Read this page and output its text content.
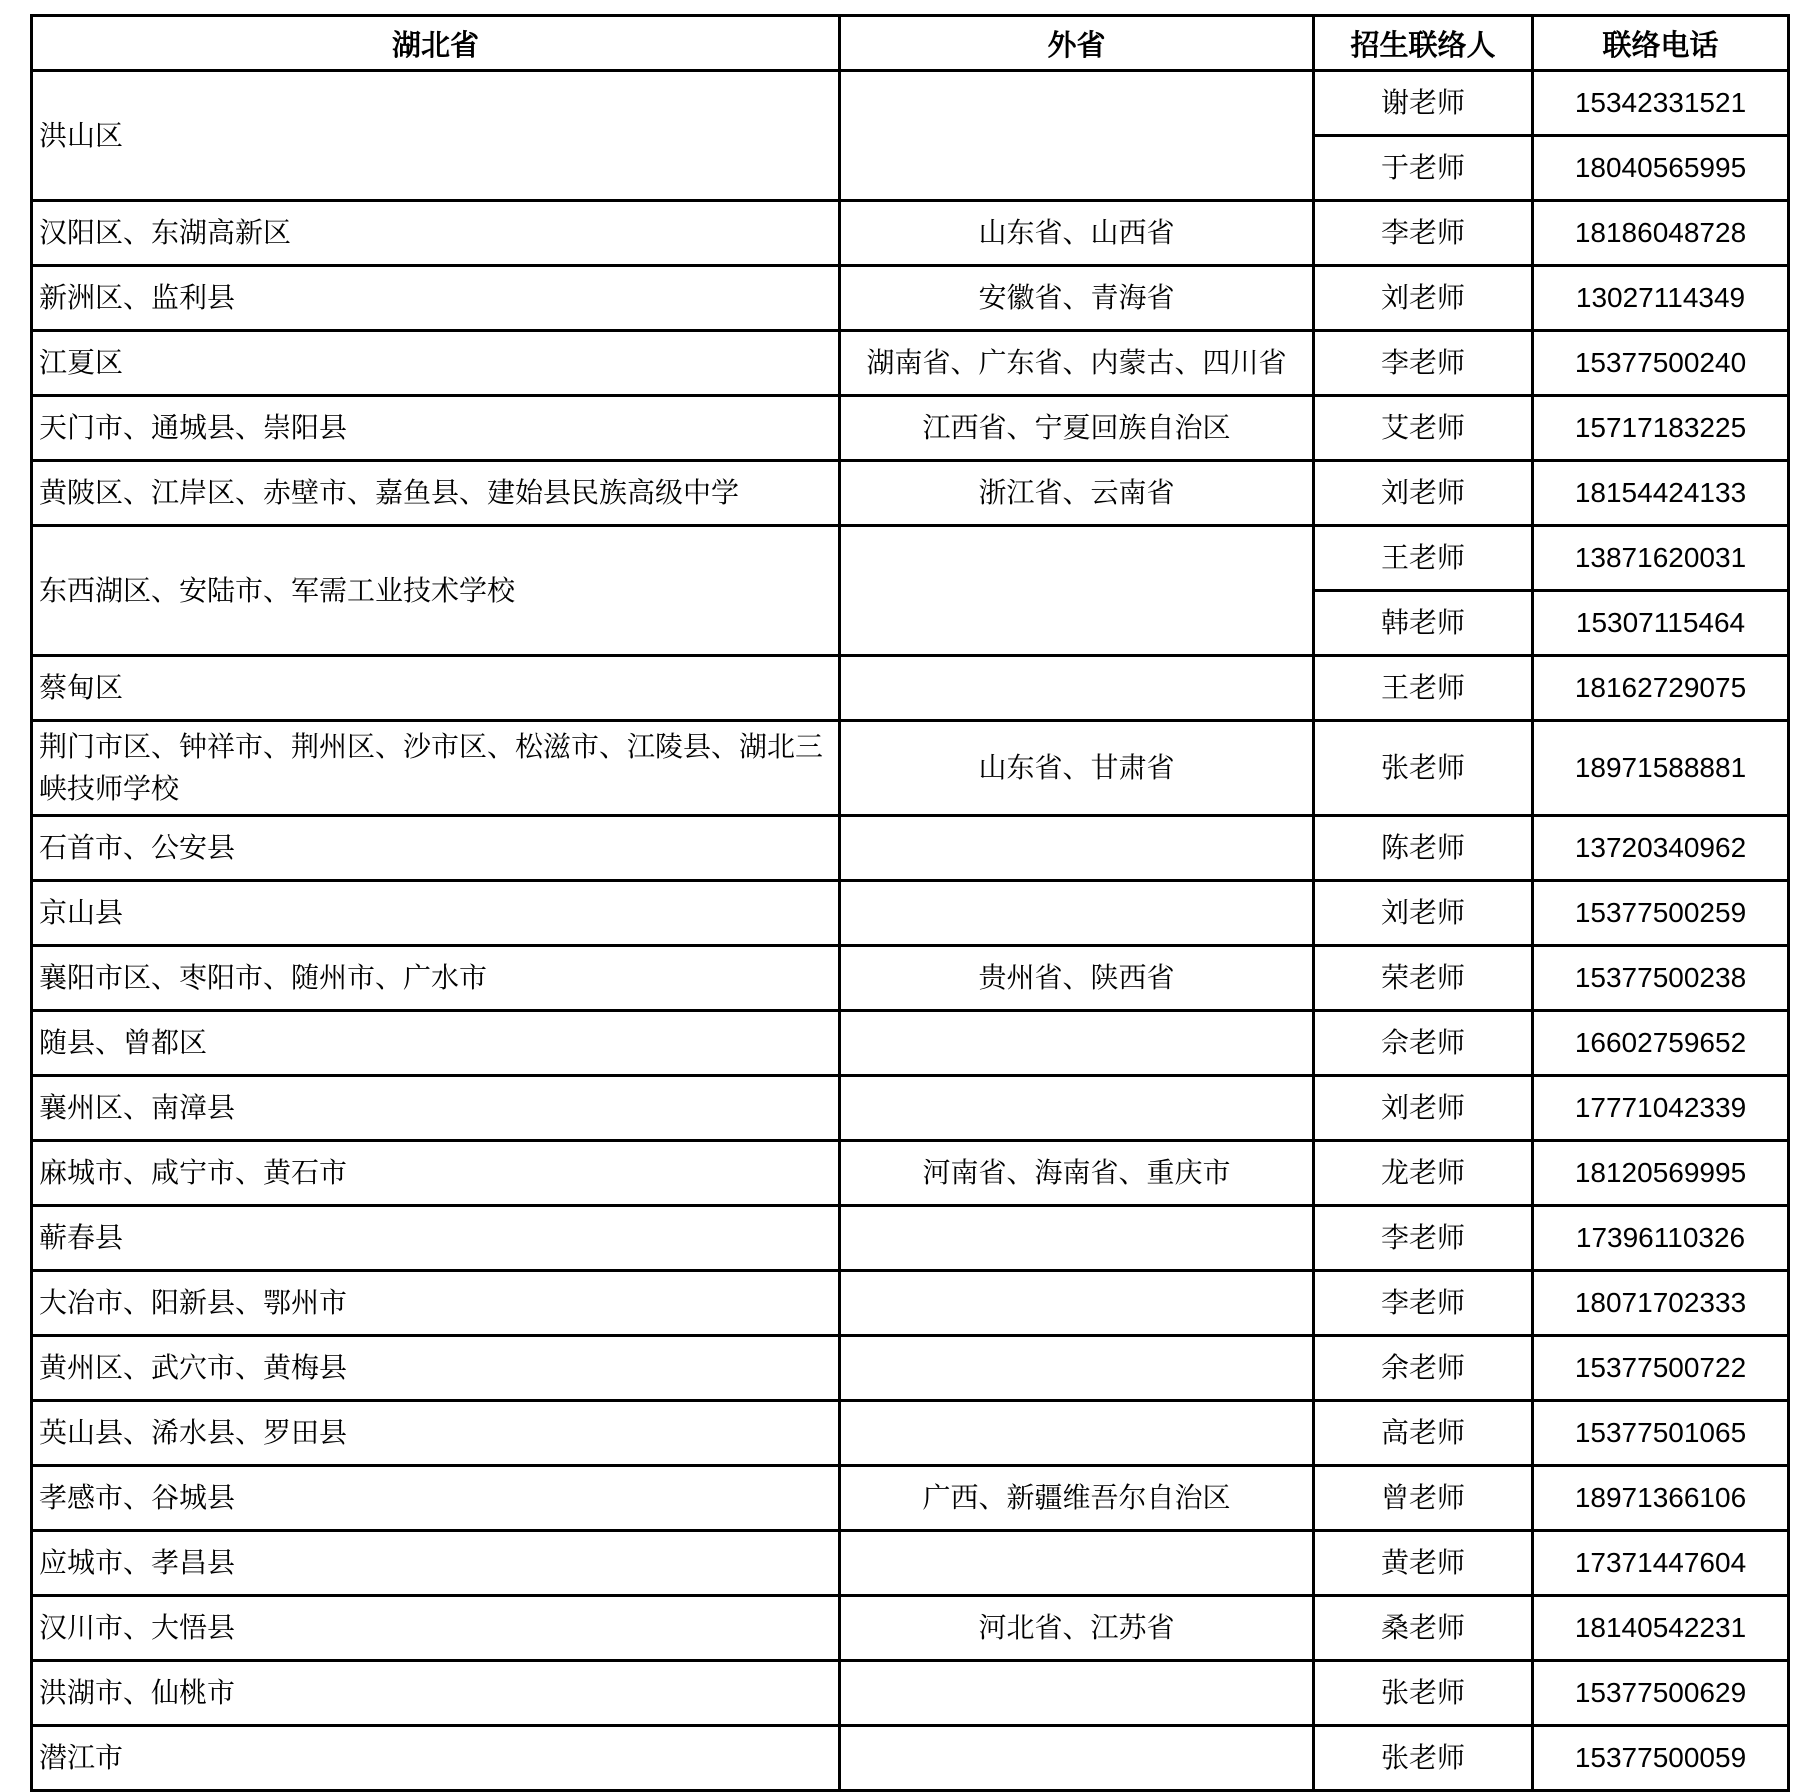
湖北省	外省	招生联络人	联络电话
洪山区		谢老师	15342331521
		于老师	18040565995
汉阳区、东湖高新区	山东省、山西省	李老师	18186048728
新洲区、监利县	安徽省、青海省	刘老师	13027114349
江夏区	湖南省、广东省、内蒙古、四川省	李老师	15377500240
天门市、通城县、崇阳县	江西省、宁夏回族自治区	艾老师	15717183225
黄陂区、江岸区、赤壁市、嘉鱼县、建始县民族高级中学	浙江省、云南省	刘老师	18154424133
东西湖区、安陆市、军需工业技术学校		王老师	13871620031
		韩老师	15307115464
蔡甸区		王老师	18162729075
荆门市区、钟祥市、荆州区、沙市区、松滋市、江陵县、湖北三峡技师学校	山东省、甘肃省	张老师	18971588881
石首市、公安县		陈老师	13720340962
京山县		刘老师	15377500259
襄阳市区、枣阳市、随州市、广水市	贵州省、陕西省	荣老师	15377500238
随县、曾都区		佘老师	16602759652
襄州区、南漳县		刘老师	17771042339
麻城市、咸宁市、黄石市	河南省、海南省、重庆市	龙老师	18120569995
蕲春县		李老师	17396110326
大冶市、阳新县、鄂州市		李老师	18071702333
黄州区、武穴市、黄梅县		余老师	15377500722
英山县、浠水县、罗田县		高老师	15377501065
孝感市、谷城县	广西、新疆维吾尔自治区	曾老师	18971366106
应城市、孝昌县		黄老师	17371447604
汉川市、大悟县	河北省、江苏省	桑老师	18140542231
洪湖市、仙桃市		张老师	15377500629
潜江市		张老师	15377500059
